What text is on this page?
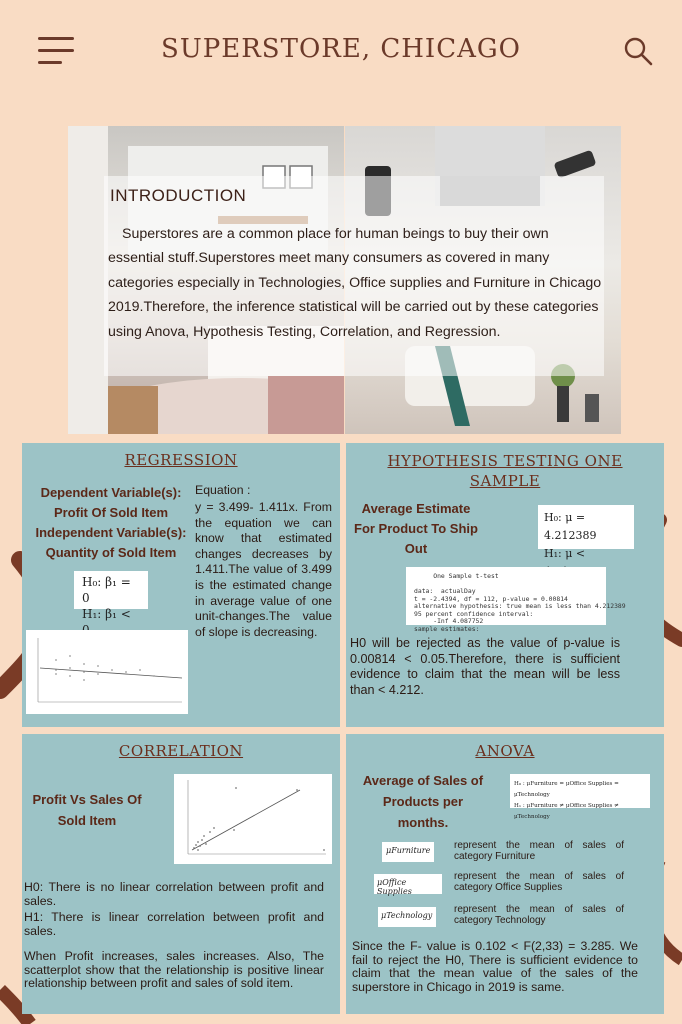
SUPERSTORE, CHICAGO
INTRODUCTION
Superstores are a common place for human beings to buy their own essential stuff.Superstores meet many consumers as covered in many categories especially in Technologies, Office supplies and Furniture in Chicago 2019.Therefore, the inference statistical will be carried out by these categories using Anova, Hypothesis Testing, Correlation, and Regression.
REGRESSION
Dependent Variable(s):
Profit Of Sold Item
Independent Variable(s):
Quantity of Sold Item
H₀: β₁ = 0
H₁: β₁ < 0
Equation :
y = 3.499- 1.411x. From the equation we can know that estimated changes decreases by 1.411.The value of 3.499 is the estimated change in average value of one unit-changes.The value of slope is decreasing.
HYPOTHESIS TESTING ONE
SAMPLE
Average Estimate For Product To Ship Out
H₀: μ = 4.212389
H₁: μ <
One Sample t-test

data:  actualDay
t = -2.4394, df = 112, p-value = 0.00814
alternative hypothesis: true mean is less than 4.212389
95 percent confidence interval:
-Inf 4.087752
sample estimates:
H0 will be rejected as the value of p-value is 0.00814 < 0.05.Therefore, there is sufficient evidence to claim that the mean will be less than < 4.212.
CORRELATION
Profit Vs Sales Of Sold Item
H0: There is no linear correlation between profit and sales.
H1: There is linear correlation between profit and sales.
When Profit increases, sales increases. Also, The scatterplot show that the relationship is positive linear relationship between profit and sales of sold item.
ANOVA
Average of Sales of Products per months.
H₀ : μFurniture = μOffice Supplies = μTechnology
H₁ : μFurniture ≠ μOffice Supplies ≠ μTechnology
μFurniture	represent the mean of sales of category Furniture
μOffice Supplies
represent the mean of sales of category Office Supplies
μTechnology
represent the mean of sales of category Technology
Since the F- value is 0.102 < F(2,33) = 3.285. We fail to reject the H0, There is sufficient evidence to claim that the mean value of the sales of the superstore in Chicago in 2019 is same.
